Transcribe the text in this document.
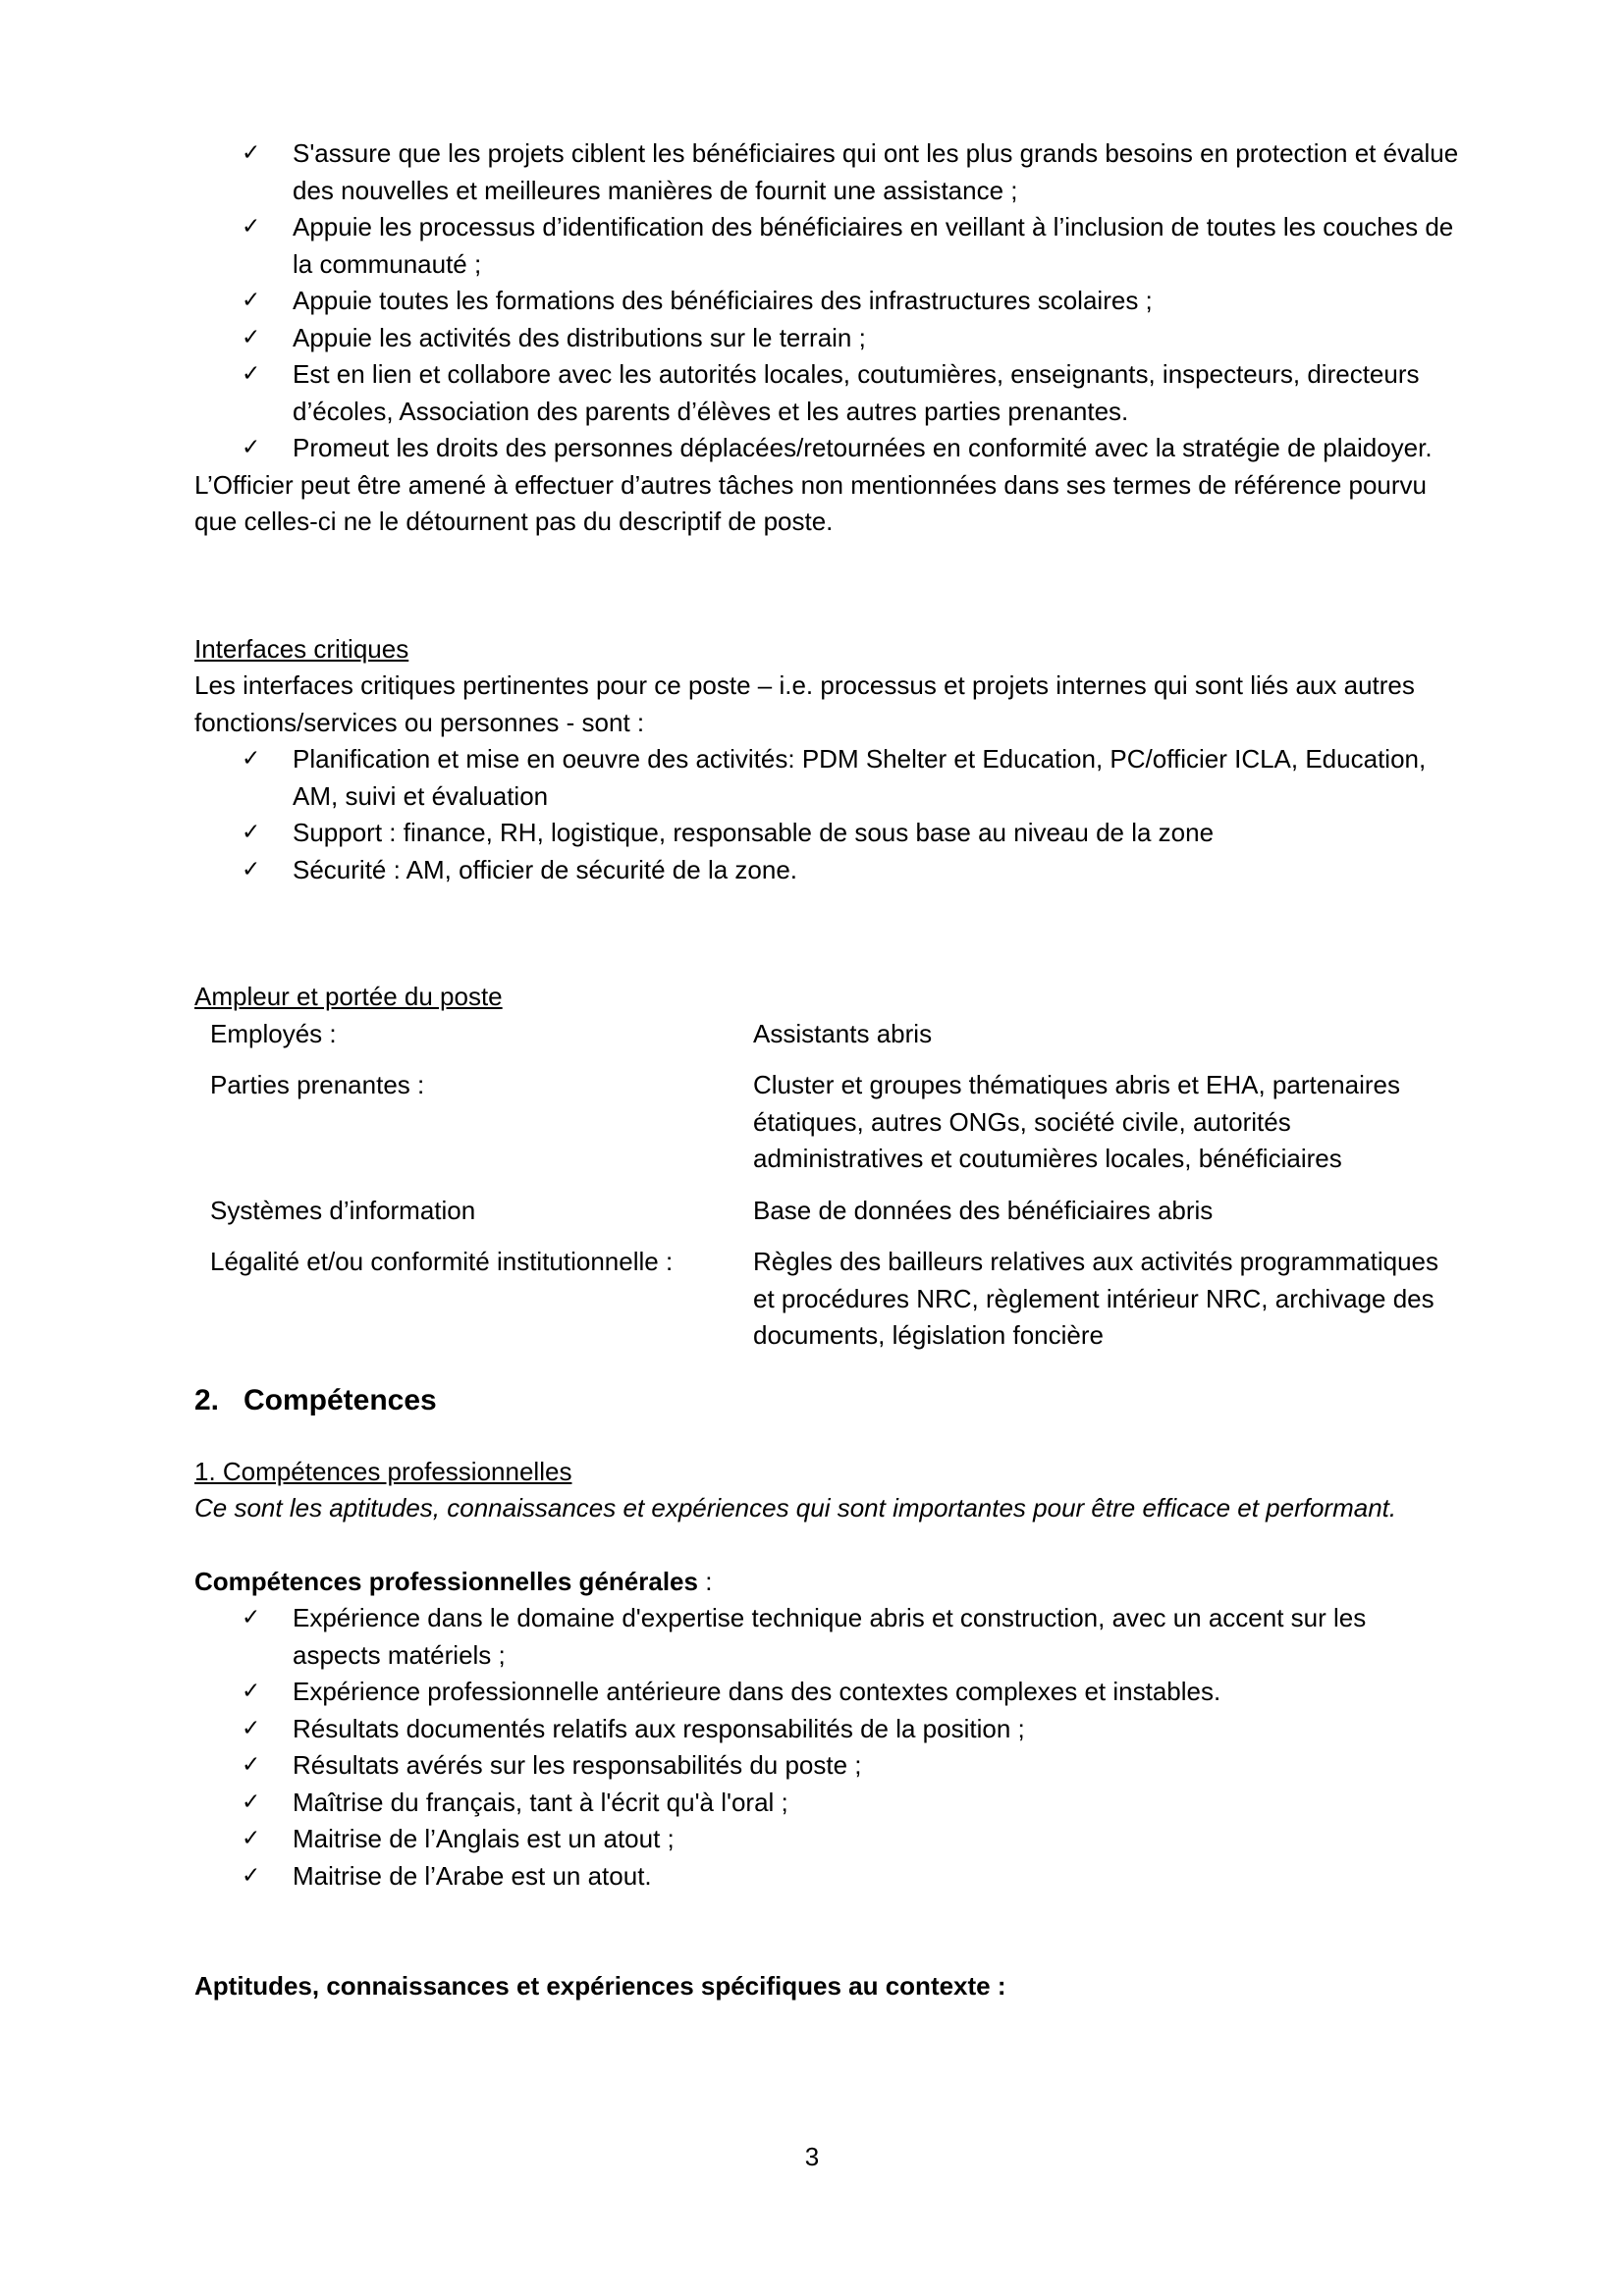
✓ S'assure que les projets ciblent les bénéficiaires qui ont les plus grands besoins en protection et évalue des nouvelles et meilleures manières de fournit une assistance ;
✓ Appuie les processus d’identification des bénéficiaires en veillant à l’inclusion de toutes les couches de la communauté ;
✓ Appuie toutes les formations des bénéficiaires des infrastructures scolaires ;
✓ Appuie les activités des distributions sur le terrain ;
✓ Est en lien et collabore avec les autorités locales, coutumières, enseignants, inspecteurs, directeurs d’écoles, Association des parents d’élèves et les autres parties prenantes.
✓ Promeut les droits des personnes déplacées/retournées en conformité avec la stratégie de plaidoyer.

L’Officier peut être amené à effectuer d’autres tâches non mentionnées dans ses termes de référence pourvu que celles-ci ne le détournent pas du descriptif de poste.

Interfaces critiques

Les interfaces critiques pertinentes pour ce poste – i.e. processus et projets internes qui sont liés aux autres fonctions/services ou personnes - sont :

✓ Planification et mise en oeuvre des activités: PDM Shelter et Education, PC/officier ICLA, Education, AM, suivi et évaluation
✓ Support : finance, RH, logistique, responsable de sous base au niveau de la zone
✓ Sécurité : AM, officier de sécurité de la zone.

Ampleur et portée du poste

Employés :	Assistants abris
Parties prenantes :	Cluster et groupes thématiques abris et EHA, partenaires étatiques, autres ONGs, société civile, autorités administratives et coutumières locales, bénéficiaires
Systèmes d’information	Base de données des bénéficiaires abris
Légalité et/ou conformité institutionnelle :	Règles des bailleurs relatives aux activités programmatiques et procédures NRC, règlement intérieur NRC, archivage des documents, législation foncière

2. Compétences

1. Compétences professionnelles

Ce sont les aptitudes, connaissances et expériences qui sont importantes pour être efficace et performant.

Compétences professionnelles générales :

✓ Expérience dans le domaine d'expertise technique abris et construction, avec un accent sur les aspects matériels ;
✓ Expérience professionnelle antérieure dans des contextes complexes et instables.
✓ Résultats documentés relatifs aux responsabilités de la position ;
✓ Résultats avérés sur les responsabilités du poste ;
✓ Maîtrise du français, tant à l'écrit qu'à l'oral ;
✓ Maitrise de l’Anglais est un atout ;
✓ Maitrise de l’Arabe est un atout.

Aptitudes, connaissances et expériences spécifiques au contexte :

3
